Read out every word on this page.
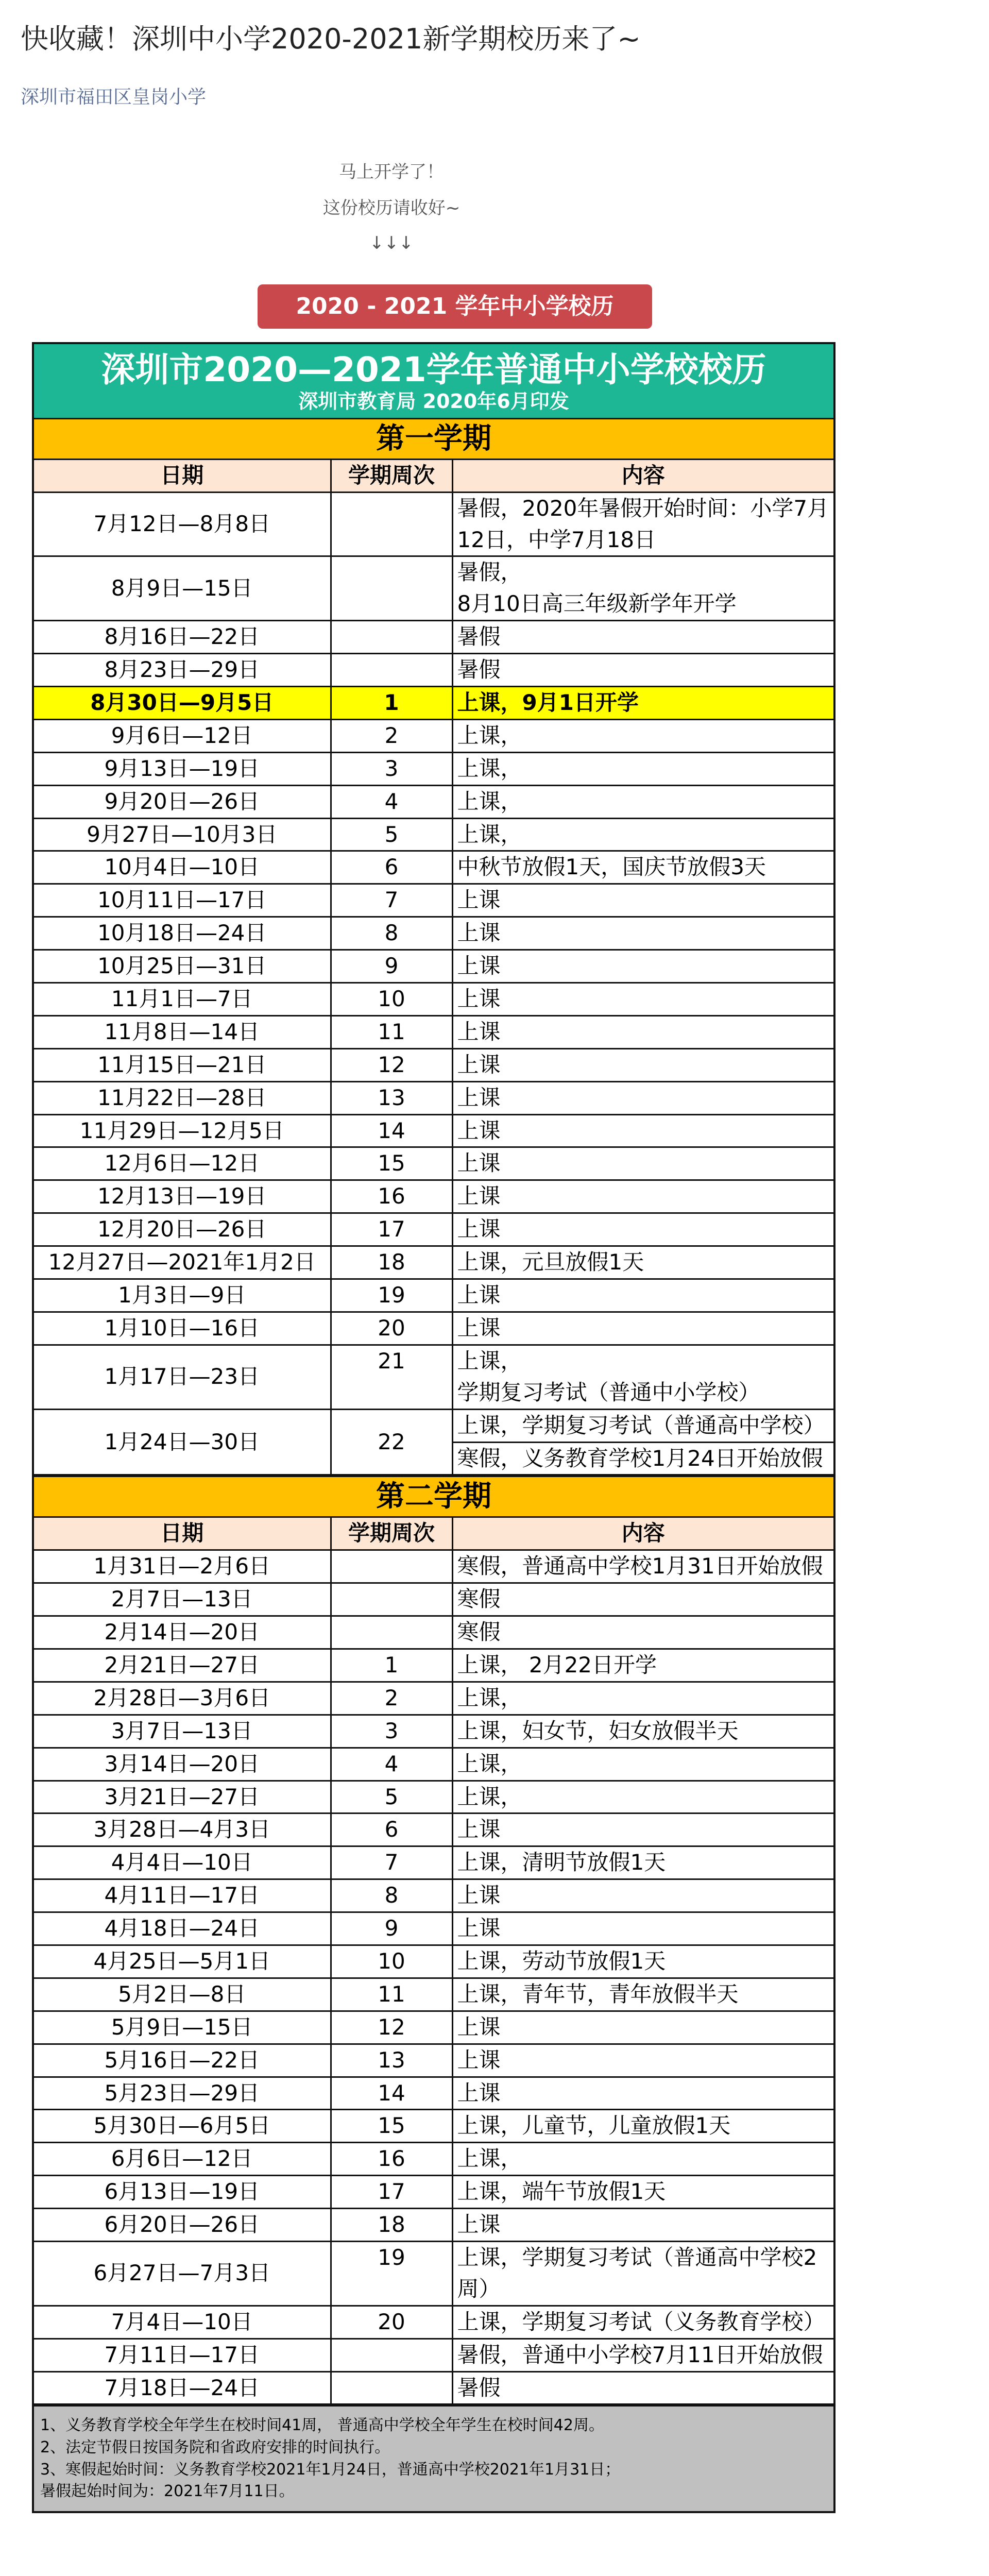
快收藏！深圳中小学2020-2021新学期校历来了~
深圳市福田区皇岗小学
马上开学了！
这份校历请收好~
↓↓↓
2020 - 2021 学年中小学校历
深圳市2020—2021学年普通中小学校校历
深圳市教育局 2020年6月印发
第一学期
日期	学期周次	内容
7月12日—8月8日		暑假，2020年暑假开始时间：小学7月12日，中学7月18日
8月9日—15日		暑假，
8月10日高三年级新学年开学
8月16日—22日		暑假
8月23日—29日		暑假
8月30日—9月5日	1	上课，9月1日开学
9月6日—12日	2	上课，
9月13日—19日	3	上课，
9月20日—26日	4	上课，
9月27日—10月3日	5	上课，
10月4日—10日	6	中秋节放假1天，国庆节放假3天
10月11日—17日	7	上课
10月18日—24日	8	上课
10月25日—31日	9	上课
11月1日—7日	10	上课
11月8日—14日	11	上课
11月15日—21日	12	上课
11月22日—28日	13	上课
11月29日—12月5日	14	上课
12月6日—12日	15	上课
12月13日—19日	16	上课
12月20日—26日	17	上课
12月27日—2021年1月2日	18	上课，元旦放假1天
1月3日—9日	19	上课
1月10日—16日	20	上课
1月17日—23日	21	上课，
学期复习考试（普通中小学校）
1月24日—30日	22	上课，学期复习考试（普通高中学校）
		寒假，义务教育学校1月24日开始放假
第二学期
日期	学期周次	内容
1月31日—2月6日		寒假，普通高中学校1月31日开始放假
2月7日—13日		寒假
2月14日—20日		寒假
2月21日—27日	1	上课， 2月22日开学
2月28日—3月6日	2	上课，
3月7日—13日	3	上课，妇女节，妇女放假半天
3月14日—20日	4	上课，
3月21日—27日	5	上课，
3月28日—4月3日	6	上课
4月4日—10日	7	上课，清明节放假1天
4月11日—17日	8	上课
4月18日—24日	9	上课
4月25日—5月1日	10	上课，劳动节放假1天
5月2日—8日	11	上课，青年节，青年放假半天
5月9日—15日	12	上课
5月16日—22日	13	上课
5月23日—29日	14	上课
5月30日—6月5日	15	上课，儿童节，儿童放假1天
6月6日—12日	16	上课，
6月13日—19日	17	上课，端午节放假1天
6月20日—26日	18	上课
6月27日—7月3日	19	上课，学期复习考试（普通高中学校2周）
7月4日—10日	20	上课，学期复习考试（义务教育学校）
7月11日—17日		暑假，普通中小学校7月11日开始放假
7月18日—24日		暑假
1、义务教育学校全年学生在校时间41周， 普通高中学校全年学生在校时间42周。
2、法定节假日按国务院和省政府安排的时间执行。
3、寒假起始时间：义务教育学校2021年1月24日，普通高中学校2021年1月31日；
暑假起始时间为：2021年7月11日。
